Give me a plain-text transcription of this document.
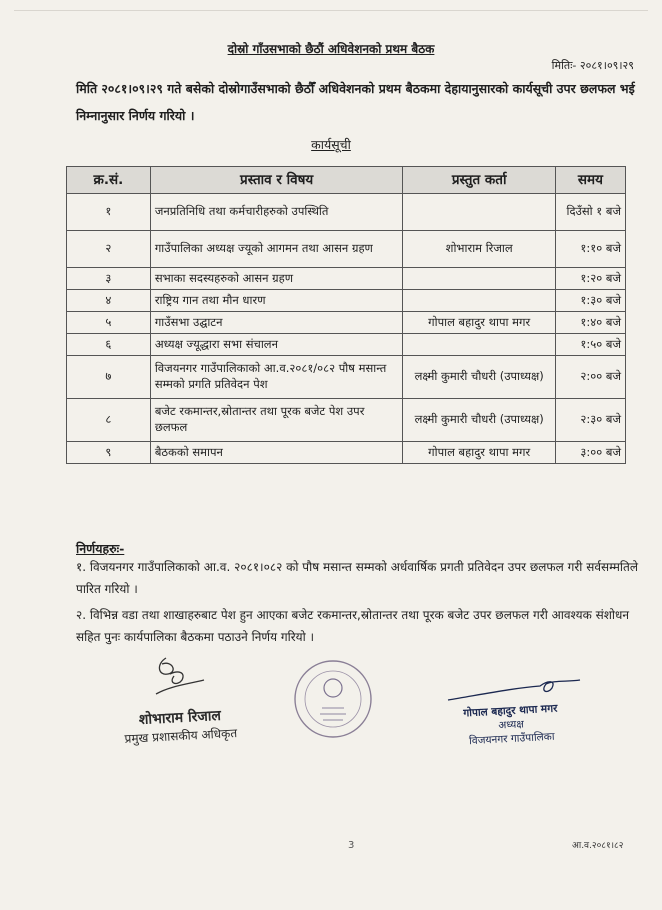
दोस्रो गाँउसभाको छैठौं अधिवेशनको प्रथम बैठक
मितिः- २०८१।०९।२९
मिति २०८१।०९।२९ गते बसेको दोस्रोगाउँसभाको छैठौँ अधिवेशनको प्रथम बैठकमा देहायानुसारको कार्यसूची उपर छलफल भई निम्नानुसार निर्णय गरियो ।
कार्यसूची
क्र.सं.	प्रस्ताव र विषय	प्रस्तुत कर्ता	समय
१	जनप्रतिनिधि तथा कर्मचारीहरुको उपस्थिति		दिउँसो १ बजे
२	गाउँपालिका अध्यक्ष ज्यूको आगमन तथा आसन ग्रहण	शोभाराम रिजाल	१:१० बजे
३	सभाका सदस्यहरुको आसन ग्रहण		१:२० बजे
४	राष्ट्रिय गान तथा मौन धारण		१:३० बजे
५	गाउँसभा उद्घाटन	गोपाल बहादुर थापा मगर	१:४० बजे
६	अध्यक्ष ज्यूद्धारा सभा संचालन		१:५० बजे
७	विजयनगर गाउँपालिकाको आ.व.२०८१/०८२ पौष मसान्त सम्मको प्रगति प्रतिवेदन पेश	लक्ष्मी कुमारी चौधरी (उपाध्यक्ष)	२:०० बजे
८	बजेट रकमान्तर,स्रोतान्तर तथा पूरक बजेट पेश उपर छलफल	लक्ष्मी कुमारी चौधरी (उपाध्यक्ष)	२:३० बजे
९	बैठकको समापन	गोपाल बहादुर थापा मगर	३:०० बजे
निर्णयहरुः-
१. विजयनगर गाउँपालिकाको आ.व. २०८१।०८२ को पौष मसान्त सम्मको अर्धवार्षिक प्रगती प्रतिवेदन उपर छलफल गरी सर्वसम्मतिले पारित गरियो ।
२. विभिन्न वडा तथा शाखाहरुबाट पेश हुन आएका बजेट रकमान्तर,स्रोतान्तर तथा पूरक बजेट उपर छलफल गरी आवश्यक संशोधन सहित पुनः कार्यपालिका बैठकमा पठाउने निर्णय गरियो ।
शोभाराम रिजाल
प्रमुख प्रशासकीय अधिकृत
गोपाल बहादुर थापा मगर
अध्यक्ष
विजयनगर गाउँपालिका
3	आ.व.२०८१।८२
